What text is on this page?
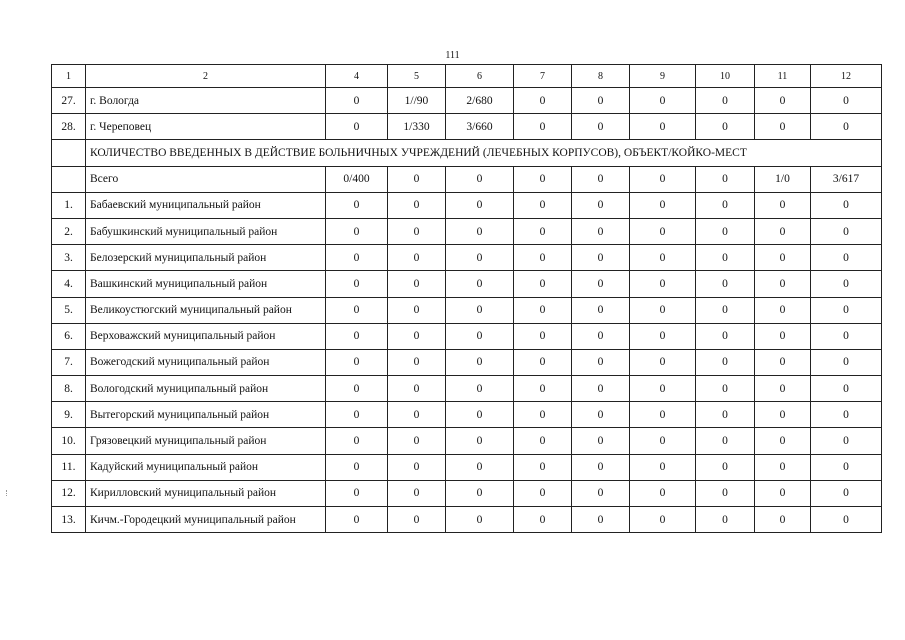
111
1	2	4	5	6	7	8	9	10	11	12
27.	г. Вологда	0	1//90	2/680	0	0	0	0	0	0
28.	г. Череповец	0	1/330	3/660	0	0	0	0	0	0
	КОЛИЧЕСТВО ВВЕДЕННЫХ В ДЕЙСТВИЕ БОЛЬНИЧНЫХ УЧРЕЖДЕНИЙ (ЛЕЧЕБНЫХ КОРПУСОВ), ОБЪЕКТ/КОЙКО-МЕСТ									
	Всего	0/400	0	0	0	0	0	0	1/0	3/617
1.	Бабаевский муниципальный район	0	0	0	0	0	0	0	0	0
2.	Бабушкинский муниципальный район	0	0	0	0	0	0	0	0	0
3.	Белозерский муниципальный район	0	0	0	0	0	0	0	0	0
4.	Вашкинский муниципальный район	0	0	0	0	0	0	0	0	0
5.	Великоустюгский муниципальный район	0	0	0	0	0	0	0	0	0
6.	Верховажский муниципальный район	0	0	0	0	0	0	0	0	0
7.	Вожегодский муниципальный район	0	0	0	0	0	0	0	0	0
8.	Вологодский муниципальный район	0	0	0	0	0	0	0	0	0
9.	Вытегорский муниципальный район	0	0	0	0	0	0	0	0	0
10.	Грязовецкий муниципальный район	0	0	0	0	0	0	0	0	0
11.	Кадуйский муниципальный район	0	0	0	0	0	0	0	0	0
12.	Кирилловский муниципальный район	0	0	0	0	0	0	0	0	0
13.	Кичм.-Городецкий муниципальный район	0	0	0	0	0	0	0	0	0
